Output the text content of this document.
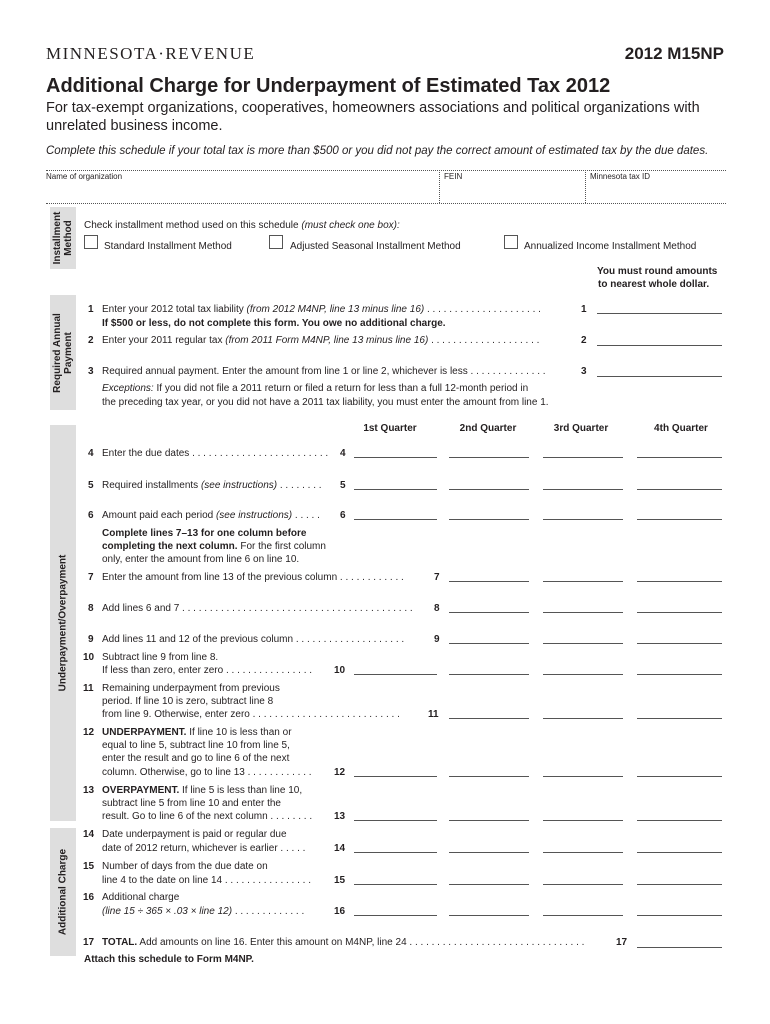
MINNESOTA·REVENUE	2012 M15NP
Additional Charge for Underpayment of Estimated Tax 2012
For tax-exempt organizations, cooperatives, homeowners associations and political organizations with unrelated business income.
Complete this schedule if your total tax is more than $500 or you did not pay the correct amount of estimated tax by the due dates.
Name of organization	FEIN	Minnesota tax ID
Installment Method
Required Annual Payment
Underpayment/Overpayment
Additional Charge
Check installment method used on this schedule (must check one box):
Standard Installment Method	Adjusted Seasonal Installment Method	Annualized Income Installment Method
You must round amounts
to nearest whole dollar.
1 Enter your 2012 total tax liability (from 2012 M4NP, line 13 minus line 16) . . . . . . . . . . . . . . . . . . . . .	1
If $500 or less, do not complete this form. You owe no additional charge.
2 Enter your 2011 regular tax (from 2011 Form M4NP, line 13 minus line 16) . . . . . . . . . . . . . . . . . . . .	2
3 Required annual payment. Enter the amount from line 1 or line 2, whichever is less . . . . . . . . . . . . . .	3
Exceptions: If you did not file a 2011 return or filed a return for less than a full 12-month period in
the preceding tax year, or you did not have a 2011 tax liability, you must enter the amount from line 1.
1st Quarter	2nd Quarter	3rd Quarter	4th Quarter
4 Enter the due dates . . . . . . . . . . . . . . . . . . . . . . . . . 4
5 Required installments (see instructions) . . . . . . . . 5
6 Amount paid each period (see instructions) . . . . . 6
Complete lines 7–13 for one column before
completing the next column. For the first column
only, enter the amount from line 6 on line 10.
7 Enter the amount from line 13 of the previous column . . . . . . . . . . . .	7
8 Add lines 6 and 7 . . . . . . . . . . . . . . . . . . . . . . . . . . . . . . . . . . . . . . . . . . 8
9 Add lines 11 and 12 of the previous column . . . . . . . . . . . . . . . . . . . .	9
10 Subtract line 9 from line 8.
If less than zero, enter zero . . . . . . . . . . . . . . . . 10
11 Remaining underpayment from previous
period. If line 10 is zero, subtract line 8
from line 9. Otherwise, enter zero . . . . . . . . . . . . . . . . . . . . . . . . . . .	11
12 UNDERPAYMENT. If line 10 is less than or
equal to line 5, subtract line 10 from line 5,
enter the result and go to line 6 of the next
column. Otherwise, go to line 13 . . . . . . . . . . . . 12
13 OVERPAYMENT. If line 5 is less than line 10,
subtract line 5 from line 10 and enter the
result. Go to line 6 of the next column . . . . . . . . 13
14 Date underpayment is paid or regular due
date of 2012 return, whichever is earlier . . . . .	14
15 Number of days from the due date on
line 4 to the date on line 14 . . . . . . . . . . . . . . . . 15
16 Additional charge
(line 15 ÷ 365 × .03 × line 12) . . . . . . . . . . . . .	16
17 TOTAL. Add amounts on line 16. Enter this amount on M4NP, line 24 . . . . . . . . . . . . . . . . . . . . . . . . . . . . . . . .	17
Attach this schedule to Form M4NP.
